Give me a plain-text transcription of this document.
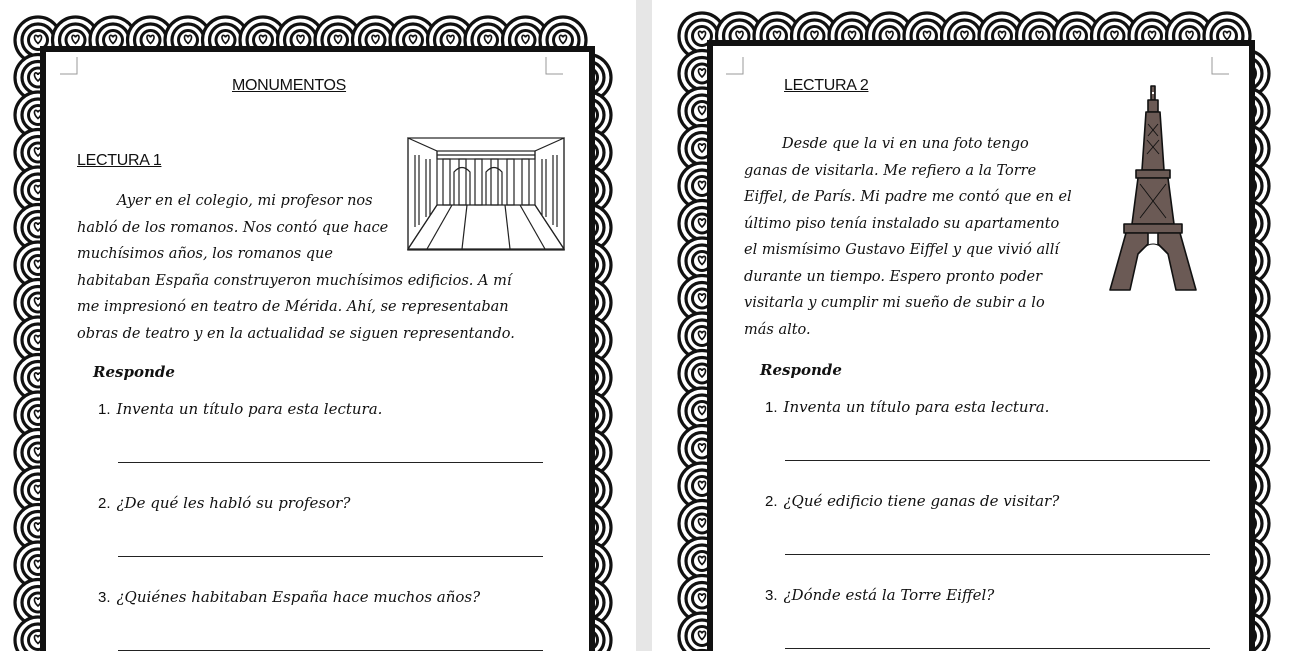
MONUMENTOS
LECTURA 1
Ayer en el colegio, mi profesor nos
habló de los romanos. Nos contó que hace
muchísimos años, los romanos que
habitaban España construyeron muchísimos edificios. A mí
me impresionó en teatro de Mérida. Ahí, se representaban
obras de teatro y en la actualidad se siguen representando.
Responde
1. Inventa un título para esta lectura.
2. ¿De qué les habló su profesor?
3. ¿Quiénes habitaban España hace muchos años?
LECTURA 2
Desde que la vi en una foto tengo
ganas de visitarla. Me refiero a la Torre
Eiffel, de París. Mi padre me contó que en el
último piso tenía instalado su apartamento
el mismísimo Gustavo Eiffel y que vivió allí
durante un tiempo. Espero pronto poder
visitarla y cumplir mi sueño de subir a lo
más alto.
Responde
1. Inventa un título para esta lectura.
2. ¿Qué edificio tiene ganas de visitar?
3. ¿Dónde está la Torre Eiffel?
